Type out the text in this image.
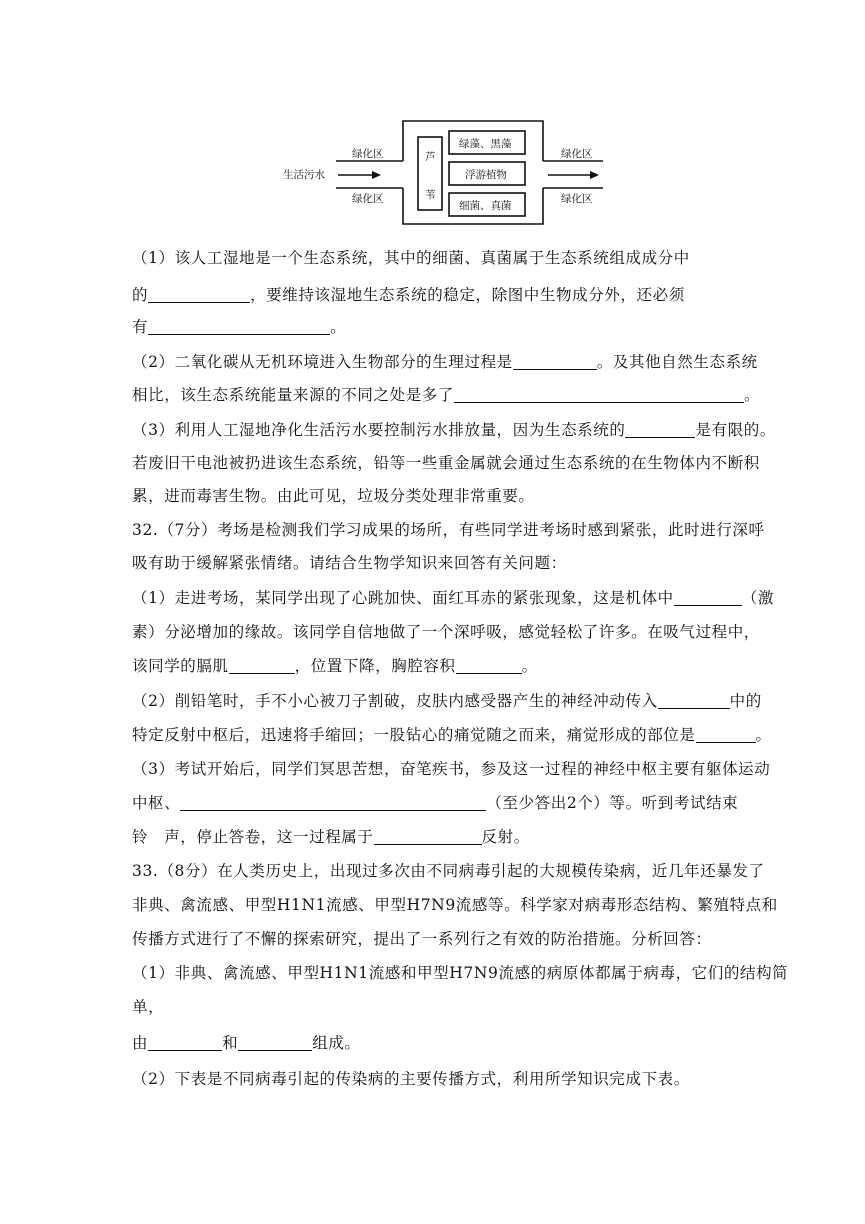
生活污水
绿化区
绿化区
绿化区
绿化区
芦
苇
绿藻、黑藻
浮游植物
细菌、真菌
（1）该人工湿地是一个生态系统，其中的细菌、真菌属于生态系统组成成分中
的	，要维持该湿地生态系统的稳定，除图中生物成分外，还必须
有	。
（2）二氧化碳从无机环境进入生物部分的生理过程是	。及其他自然生态系统
相比，该生态系统能量来源的不同之处是多了	。
（3）利用人工湿地净化生活污水要控制污水排放量，因为生态系统的	是有限的。
若废旧干电池被扔进该生态系统，铅等一些重金属就会通过生态系统的在生物体内不断积
累，进而毒害生物。由此可见，垃圾分类处理非常重要。
32.（7分）考场是检测我们学习成果的场所，有些同学进考场时感到紧张，此时进行深呼
吸有助于缓解紧张情绪。请结合生物学知识来回答有关问题：
（1）走进考场，某同学出现了心跳加快、面红耳赤的紧张现象，这是机体中	（激
素）分泌增加的缘故。该同学自信地做了一个深呼吸，感觉轻松了许多。在吸气过程中，
该同学的膈肌	，位置下降，胸腔容积	。
（2）削铅笔时，手不小心被刀子割破，皮肤内感受器产生的神经冲动传入	中的
特定反射中枢后，迅速将手缩回；一股钻心的痛觉随之而来，痛觉形成的部位是	。
（3）考试开始后，同学们冥思苦想，奋笔疾书，参及这一过程的神经中枢主要有躯体运动
中枢、	（至少答出2个）等。听到考试结束
铃　声，停止答卷，这一过程属于	反射。
33.（8分）在人类历史上，出现过多次由不同病毒引起的大规模传染病，近几年还暴发了
非典、禽流感、甲型H1N1流感、甲型H7N9流感等。科学家对病毒形态结构、繁殖特点和
传播方式进行了不懈的探索研究，提出了一系列行之有效的防治措施。分析回答：
（1）非典、禽流感、甲型H1N1流感和甲型H7N9流感的病原体都属于病毒，它们的结构简
单，
由	和	组成。
（2）下表是不同病毒引起的传染病的主要传播方式，利用所学知识完成下表。
